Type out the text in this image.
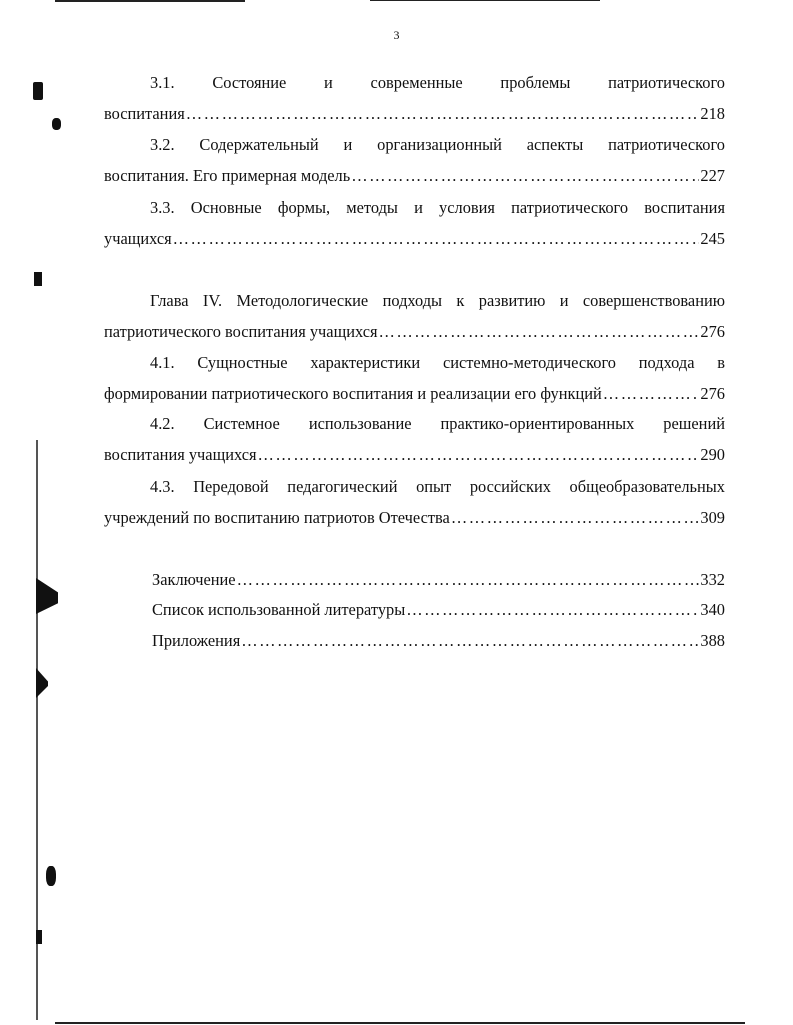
3
3.1. Состояние и современные проблемы патриотического
воспитания ……………………………………………………………………………………………………………………………………………………………………………	218
3.2. Содержательный и организационный аспекты патриотического
воспитания. Его примерная модель ……………………………………………………………………………………………………………………………………………………………………………	227
3.3. Основные формы, методы и условия патриотического воспитания
учащихся ……………………………………………………………………………………………………………………………………………………………………………	245
Глава IV. Методологические подходы к развитию и совершенствованию
патриотического воспитания учащихся ……………………………………………………………………………………………………………………………………………………………………………	276
4.1. Сущностные характеристики системно-методического подхода в
формировании патриотического воспитания и реализации его функций ……………………………………………………………………………………………………………………………………………………………………………	276
4.2. Системное использование практико-ориентированных решений
воспитания учащихся ……………………………………………………………………………………………………………………………………………………………………………	290
4.3. Передовой педагогический опыт российских общеобразовательных
учреждений по воспитанию патриотов Отечества ……………………………………………………………………………………………………………………………………………………………………………	309
Заключение ……………………………………………………………………………………………………………………………………………………………………………	332
Список использованной литературы ……………………………………………………………………………………………………………………………………………………………………………	340
Приложения ……………………………………………………………………………………………………………………………………………………………………………	388
